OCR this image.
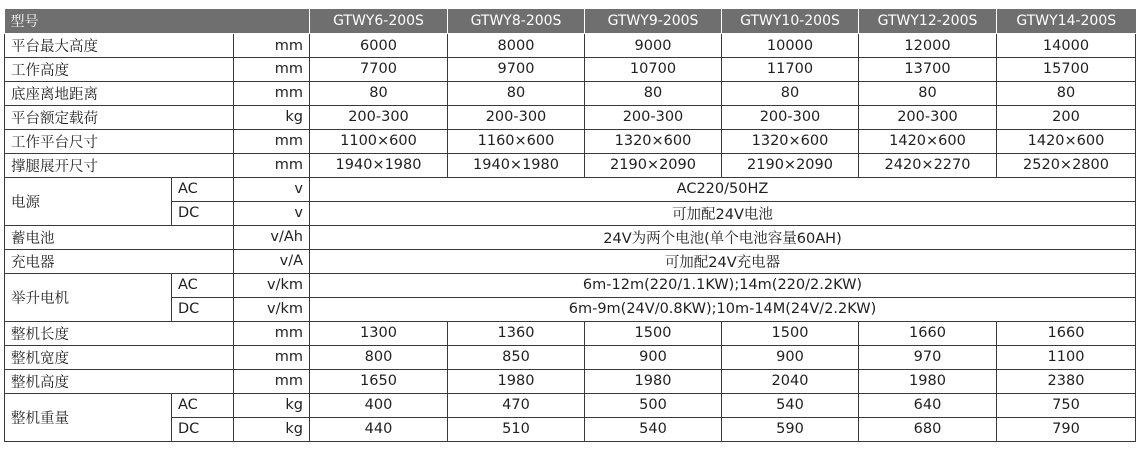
型号			GTWY6-200S	GTWY8-200S	GTWY9-200S	GTWY10-200S	GTWY12-200S	GTWY14-200S
平台最大高度		mm	6000	8000	9000	10000	12000	14000
工作高度		mm	7700	9700	10700	11700	13700	15700
底座离地距离		mm	80	80	80	80	80	80
平台额定载荷		kg	200-300	200-300	200-300	200-300	200-300	200
工作平台尺寸		mm	1100×600	1160×600	1320×600	1320×600	1420×600	1420×600
撑腿展开尺寸		mm	1940×1980	1940×1980	2190×2090	2190×2090	2420×2270	2520×2800
电源	AC	v	AC220/50HZ					
	DC	v	可加配24V电池					
蓄电池		v/Ah	24V为两个电池(单个电池容量60AH)					
充电器		v/A	可加配24V充电器					
举升电机	AC	v/km	6m-12m(220/1.1KW);14m(220/2.2KW)					
	DC	v/km	6m-9m(24V/0.8KW);10m-14M(24V/2.2KW)					
整机长度		mm	1300	1360	1500	1500	1660	1660
整机宽度		mm	800	850	900	900	970	1100
整机高度		mm	1650	1980	1980	2040	1980	2380
整机重量	AC	kg	400	470	500	540	640	750
	DC	kg	440	510	540	590	680	790
